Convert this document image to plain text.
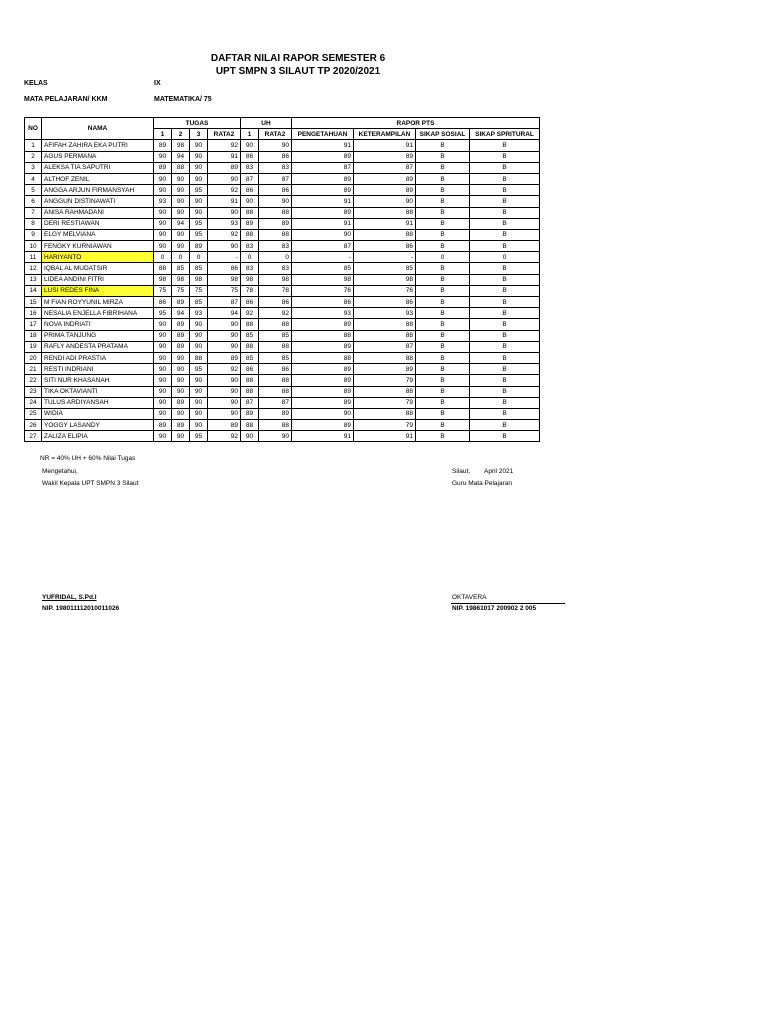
DAFTAR NILAI RAPOR SEMESTER 6
UPT SMPN 3 SILAUT TP 2020/2021
KELAS	IX
MATA PELAJARAN/ KKM	MATEMATIKA/ 75
NO	NAMA	TUGAS				UH		RAPOR PTS			
		1	2	3	RATA2	1	RATA2	PENGETAHUAN	KETERAMPILAN	SIKAP SOSIAL	SIKAP SPRITURAL
1	AFIFAH ZAHIRA EKA PUTRI	89	98	90	92	90	90	91	91	B	B
2	AGUS PERMANA	90	94	90	91	86	86	89	89	B	B
3	ALEKSA TIA SAPUTRI	89	88	90	89	83	83	87	87	B	B
4	ALTHOF ZENIL	90	90	90	90	87	87	89	89	B	B
5	ANGGA ARJUN FIRMANSYAH	90	90	95	92	86	86	89	89	B	B
6	ANGGUN DISTINAWATI	93	90	90	91	90	90	91	90	B	B
7	ANISA RAHMADANI	90	90	90	90	88	88	89	88	B	B
8	DERI RESTIAWAN	90	94	95	93	89	89	91	91	B	B
9	ELGY MELVIANA	90	90	95	92	88	88	90	88	B	B
10	FENGKY KURNIAWAN	90	90	89	90	83	83	87	86	B	B
11	HARIYANTO	0	0	0	-	0	0	-	-	0	0
12	IQBAL AL MUDATSIR	88	85	85	86	83	83	85	85	B	B
13	LIDEA ANDINI FITRI	98	98	98	98	98	98	98	98	B	B
14	LUSI REDES FINA	75	75	75	75	78	78	76	76	B	B
15	M FIAN ROYYUNIL MIRZA	86	89	85	87	86	86	86	86	B	B
16	NESALIA ENJELLA FIBRIHANA	95	94	93	94	92	92	93	93	B	B
17	NOVA INDRIATI	90	89	90	90	88	88	89	88	B	B
18	PRIMA TANJUNG	90	89	90	90	85	85	88	88	B	B
19	RAFLY ANDESTA PRATAMA	90	89	90	90	88	88	89	87	B	B
20	RENDI ADI PRASTIA	90	90	88	89	85	85	88	88	B	B
21	RESTI INDRIANI	90	90	95	92	86	86	89	89	B	B
22	SITI NUR KHASANAH	90	90	90	90	88	88	89	79	B	B
23	TIKA OKTAVIANTI	90	90	90	90	88	88	89	88	B	B
24	TULUS ARDIYANSAH	90	89	90	90	87	87	89	79	B	B
25	WIDIA	90	90	90	90	89	89	90	88	B	B
26	YOGGY LASANDY	89	89	90	89	88	88	89	79	B	B
27	ZALIZA ELIPIA	90	90	95	92	90	90	91	91	B	B
NR = 40% UH + 60% Nilai Tugas
Mengetahui,
Wakil Kepala UPT SMPN 3 Silaut
Silaut, April 2021
Guru Mata Pelajaran
YUFRIDAL, S.Pd.I
NIP. 198011112010011026
OKTAVERA
NIP. 19861017 200902 2 005
